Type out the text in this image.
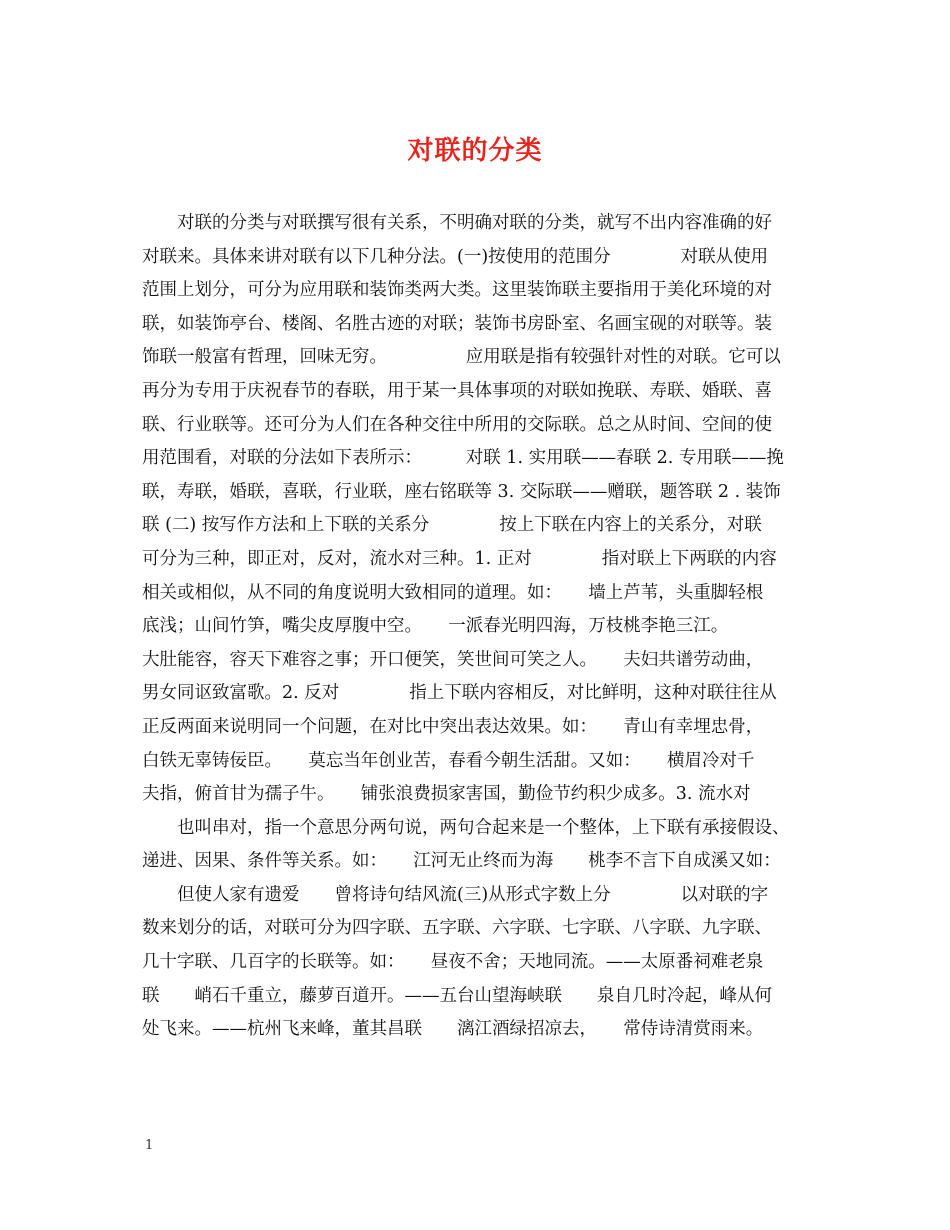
对联的分类
　　对联的分类与对联撰写很有关系，不明确对联的分类，就写不出内容准确的好
对联来。具体来讲对联有以下几种分法。(一)按使用的范围分　　　　对联从使用
范围上划分，可分为应用联和装饰类两大类。这里装饰联主要指用于美化环境的对
联，如装饰亭台、楼阁、名胜古迹的对联；装饰书房卧室、名画宝砚的对联等。装
饰联一般富有哲理，回味无穷。　　　　　应用联是指有较强针对性的对联。它可以
再分为专用于庆祝春节的春联，用于某一具体事项的对联如挽联、寿联、婚联、喜
联、行业联等。还可分为人们在各种交往中所用的交际联。总之从时间、空间的使
用范围看，对联的分法如下表所示：　　　对联 1. 实用联——春联 2. 专用联——挽
联，寿联，婚联，喜联，行业联，座右铭联等 3. 交际联——赠联，题答联 2 . 装饰
联 (二) 按写作方法和上下联的关系分　　　　按上下联在内容上的关系分，对联
可分为三种，即正对，反对，流水对三种。1. 正对　　　　指对联上下两联的内容
相关或相似，从不同的角度说明大致相同的道理。如：　　墙上芦苇，头重脚轻根
底浅；山间竹笋，嘴尖皮厚腹中空。　　一派春光明四海，万枝桃李艳三江。
大肚能容，容天下难容之事；开口便笑，笑世间可笑之人。　　夫妇共谱劳动曲，
男女同讴致富歌。2. 反对　　　　指上下联内容相反，对比鲜明，这种对联往往从
正反两面来说明同一个问题，在对比中突出表达效果。如：　　青山有幸埋忠骨，
白铁无辜铸佞臣。　　莫忘当年创业苦，春看今朝生活甜。又如：　　横眉冷对千
夫指，俯首甘为孺子牛。　　铺张浪费损家害国，勤俭节约积少成多。3. 流水对
　　也叫串对，指一个意思分两句说，两句合起来是一个整体，上下联有承接假设、
递进、因果、条件等关系。如：　　江河无止终而为海　　桃李不言下自成溪又如：
　　但使人家有遗爱　　曾将诗句结风流(三)从形式字数上分　　　　以对联的字
数来划分的话，对联可分为四字联、五字联、六字联、七字联、八字联、九字联、
几十字联、几百字的长联等。如：　　昼夜不舍；天地同流。——太原番祠难老泉
联　　峭石千重立，藤萝百道开。——五台山望海峡联　　泉自几时冷起，峰从何
处飞来。——杭州飞来峰，董其昌联　　漓江酒绿招凉去，　　常侍诗清赏雨来。
1
